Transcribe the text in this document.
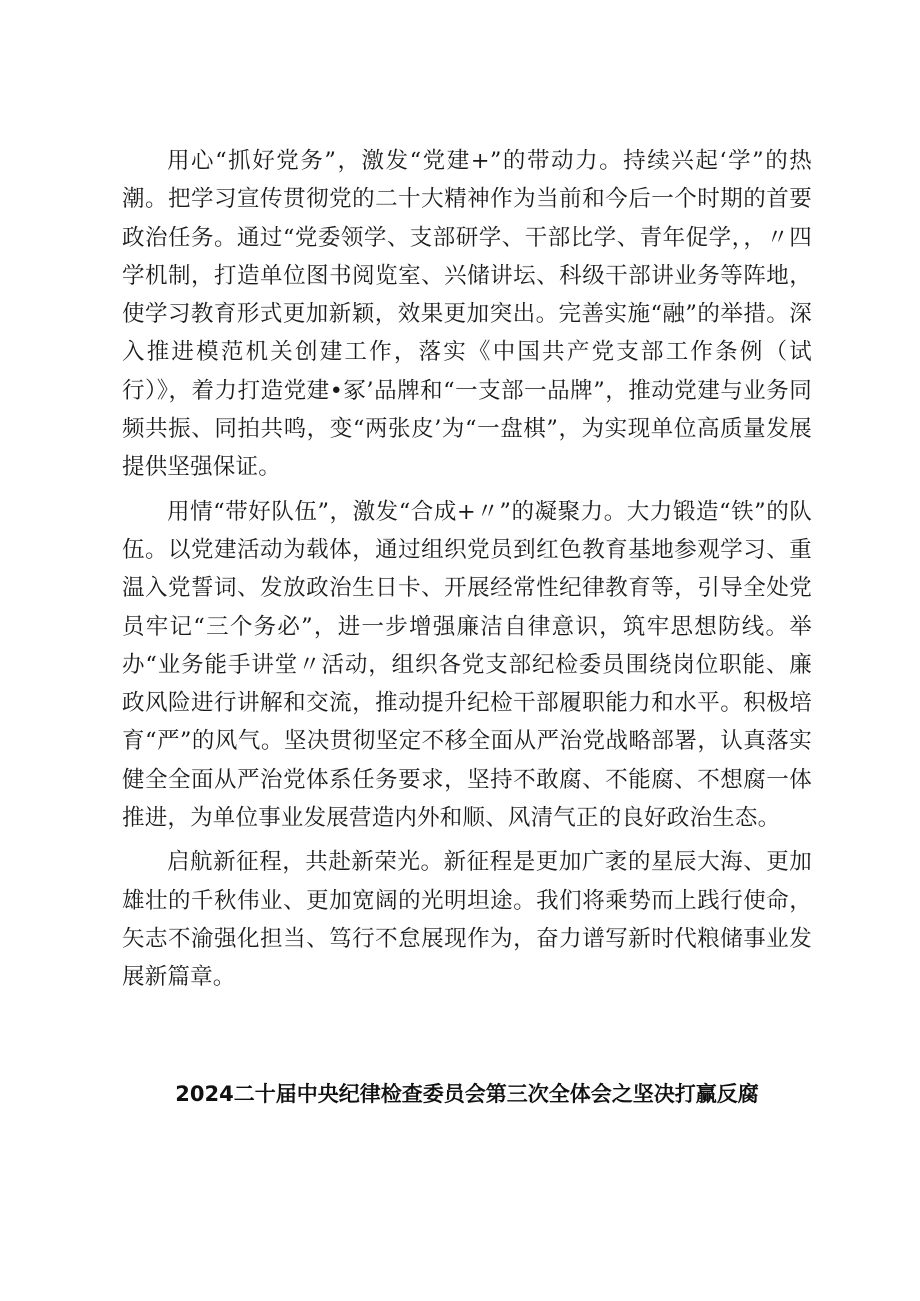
用心“抓好党务”，激发“党建+”的带动力。持续兴起‘学”的热潮。把学习宣传贯彻党的二十大精神作为当前和今后一个时期的首要政治任务。通过“党委领学、支部研学、干部比学、青年促学，，〃四学机制，打造单位图书阅览室、兴储讲坛、科级干部讲业务等阵地，使学习教育形式更加新颖，效果更加突出。完善实施“融”的举措。深入推进模范机关创建工作，落实《中国共产党支部工作条例（试行）》，着力打造党建•冢’品牌和“一支部一品牌”，推动党建与业务同频共振、同拍共鸣，变“两张皮’为“一盘棋”，为实现单位高质量发展提供坚强保证。

用情“带好队伍”，激发“合成+〃”的凝聚力。大力锻造“铁”的队伍。以党建活动为载体，通过组织党员到红色教育基地参观学习、重温入党誓词、发放政治生日卡、开展经常性纪律教育等，引导全处党员牢记“三个务必”，进一步增强廉洁自律意识，筑牢思想防线。举办“业务能手讲堂〃活动，组织各党支部纪检委员围绕岗位职能、廉政风险进行讲解和交流，推动提升纪检干部履职能力和水平。积极培育“严”的风气。坚决贯彻坚定不移全面从严治党战略部署，认真落实健全全面从严治党体系任务要求，坚持不敢腐、不能腐、不想腐一体推进，为单位事业发展营造内外和顺、风清气正的良好政治生态。

启航新征程，共赴新荣光。新征程是更加广袤的星辰大海、更加雄壮的千秋伟业、更加宽阔的光明坦途。我们将乘势而上践行使命，矢志不渝强化担当、笃行不怠展现作为，奋力谱写新时代粮储事业发展新篇章。

2024二十届中央纪律检查委员会第三次全体会之坚决打赢反腐
